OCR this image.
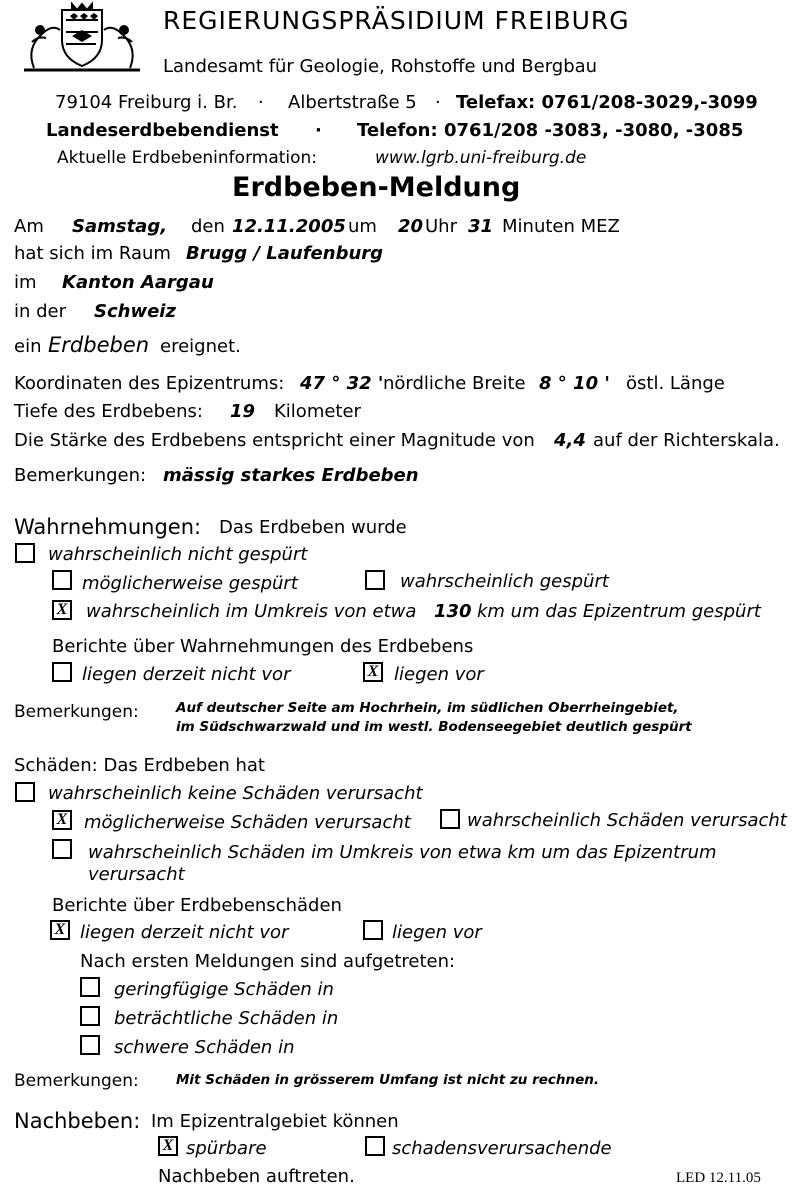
REGIERUNGSPRÄSIDIUM FREIBURG
Landesamt für Geologie, Rohstoffe und Bergbau
79104 Freiburg i. Br. · Albertstraße 5 · Telefax: 0761/208-3029,-3099
Landeserdbebendienst · Telefon: 0761/208 -3083, -3080, -3085
Aktuelle Erdbebeninformation:	www.lgrb.uni-freiburg.de
Erdbeben-Meldung
Am Samstag, den 12.11.2005 um 20 Uhr 31 Minuten MEZ
hat sich im Raum Brugg / Laufenburg
im Kanton Aargau
in der Schweiz
ein Erdbeben ereignet.
Koordinaten des Epizentrums: 47 ° 32 ' nördliche Breite 8 ° 10 ' östl. Länge
Tiefe des Erdbebens: 19 Kilometer
Die Stärke des Erdbebens entspricht einer Magnitude von 4,4 auf der Richterskala.
Bemerkungen: mässig starkes Erdbeben
Wahrnehmungen: Das Erdbeben wurde
wahrscheinlich nicht gespürt
möglicherweise gespürt	wahrscheinlich gespürt
X wahrscheinlich im Umkreis von etwa 130 km um das Epizentrum gespürt
Berichte über Wahrnehmungen des Erdbebens
liegen derzeit nicht vor	X liegen vor
Bemerkungen:	Auf deutscher Seite am Hochrhein, im südlichen Oberrheingebiet,
im Südschwarzwald und im westl. Bodenseegebiet deutlich gespürt
Schäden: Das Erdbeben hat
wahrscheinlich keine Schäden verursacht
X möglicherweise Schäden verursacht	wahrscheinlich Schäden verursacht
wahrscheinlich Schäden im Umkreis von etwa km um das Epizentrum
verursacht
Berichte über Erdbebenschäden
X liegen derzeit nicht vor	liegen vor
Nach ersten Meldungen sind aufgetreten:
geringfügige Schäden in
beträchtliche Schäden in
schwere Schäden in
Bemerkungen:	Mit Schäden in grösserem Umfang ist nicht zu rechnen.
Nachbeben: Im Epizentralgebiet können
X spürbare	schadensverursachende
Nachbeben auftreten.	LED 12.11.05
